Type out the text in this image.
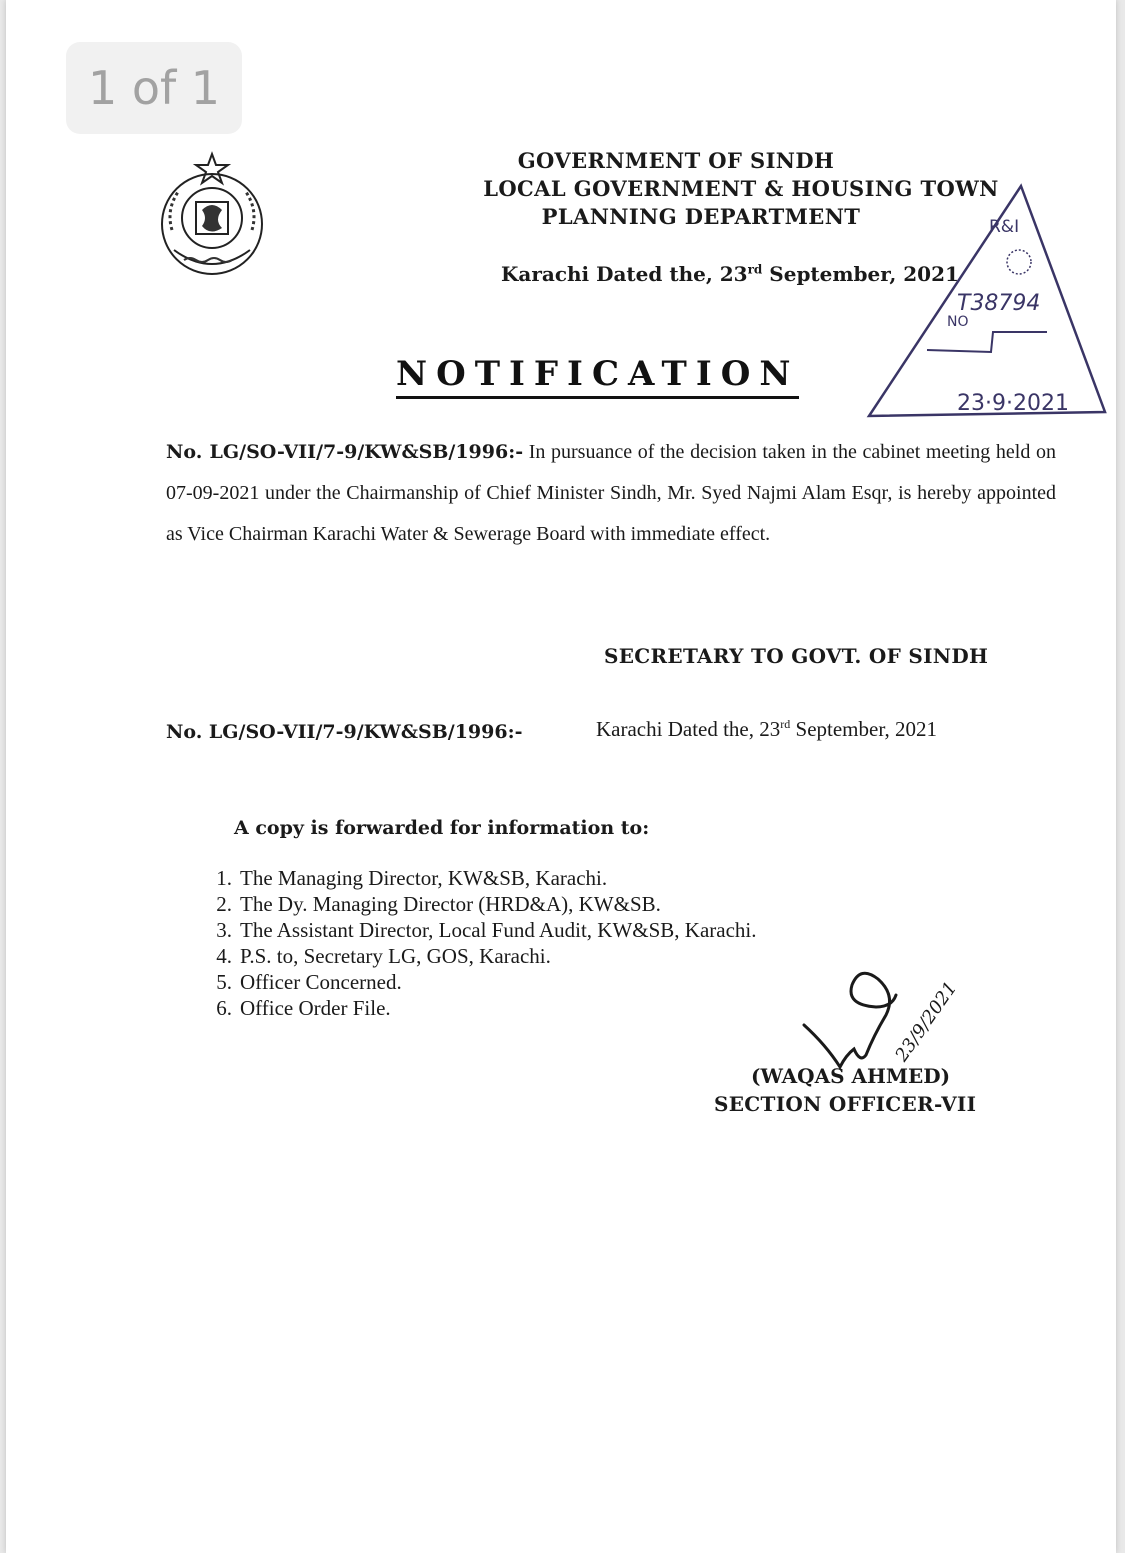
1 of 1
GOVERNMENT OF SINDH
LOCAL GOVERNMENT & HOUSING TOWN
PLANNING DEPARTMENT
Karachi Dated the, 23rd September, 2021
R&I
T38794
NO
23·9·2021
NOTIFICATION
No. LG/SO-VII/7-9/KW&SB/1996:- In pursuance of the decision taken in the cabinet meeting held on 07-09-2021 under the Chairmanship of Chief Minister Sindh, Mr. Syed Najmi Alam Esqr, is hereby appointed as Vice Chairman Karachi Water & Sewerage Board with immediate effect.
SECRETARY TO GOVT. OF SINDH
No. LG/SO-VII/7-9/KW&SB/1996:-	Karachi Dated the, 23rd September, 2021
A copy is forwarded for information to:
1. The Managing Director, KW&SB, Karachi.
2. The Dy. Managing Director (HRD&A), KW&SB.
3. The Assistant Director, Local Fund Audit, KW&SB, Karachi.
4. P.S. to, Secretary LG, GOS, Karachi.
5. Officer Concerned.
6. Office Order File.	23/9/2021
(WAQAS AHMED)
SECTION OFFICER-VII
